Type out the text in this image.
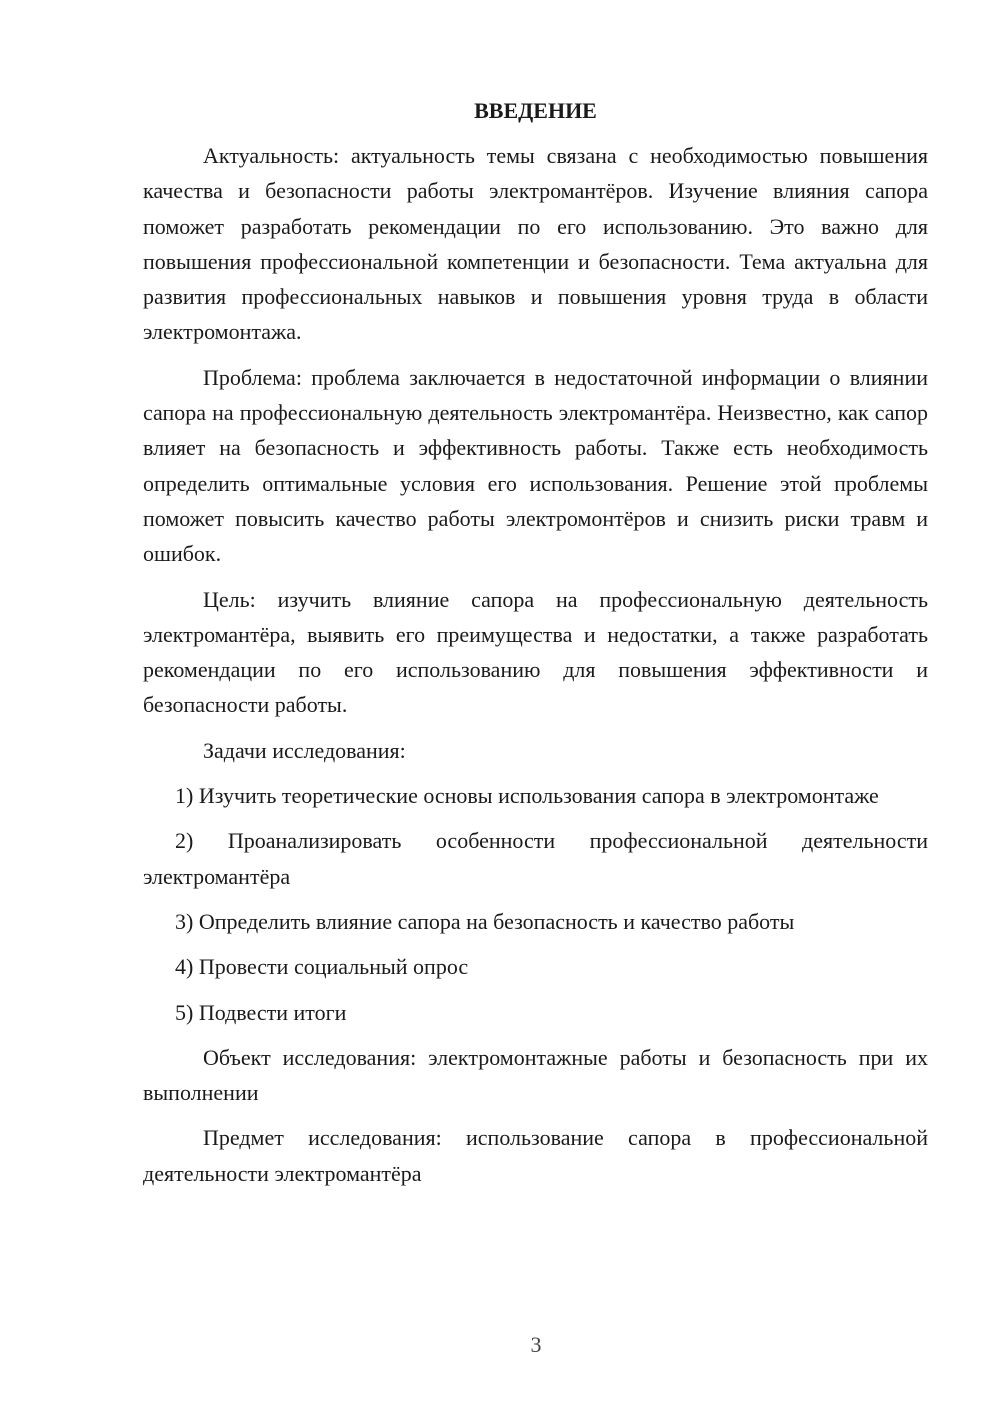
ВВЕДЕНИЕ

Актуальность: актуальность темы связана с необходимостью повышения качества и безопасности работы электромантёров. Изучение влияния сапора поможет разработать рекомендации по его использованию. Это важно для повышения профессиональной компетенции и безопасности. Тема актуальна для развития профессиональных навыков и повышения уровня труда в области электромонтажа.

Проблема: проблема заключается в недостаточной информации о влиянии сапора на профессиональную деятельность электромантёра. Неизвестно, как сапор влияет на безопасность и эффективность работы. Также есть необходимость определить оптимальные условия его использования. Решение этой проблемы поможет повысить качество работы электромонтёров и снизить риски травм и ошибок.

Цель: изучить влияние сапора на профессиональную деятельность электромантёра, выявить его преимущества и недостатки, а также разработать рекомендации по его использованию для повышения эффективности и безопасности работы.

Задачи исследования:

1) Изучить теоретические основы использования сапора в электромонтаже

2) Проанализировать особенности профессиональной деятельности электромантёра

3) Определить влияние сапора на безопасность и качество работы

4) Провести социальный опрос

5) Подвести итоги

Объект исследования: электромонтажные работы и безопасность при их выполнении

Предмет исследования: использование сапора в профессиональной деятельности электромантёра

3
